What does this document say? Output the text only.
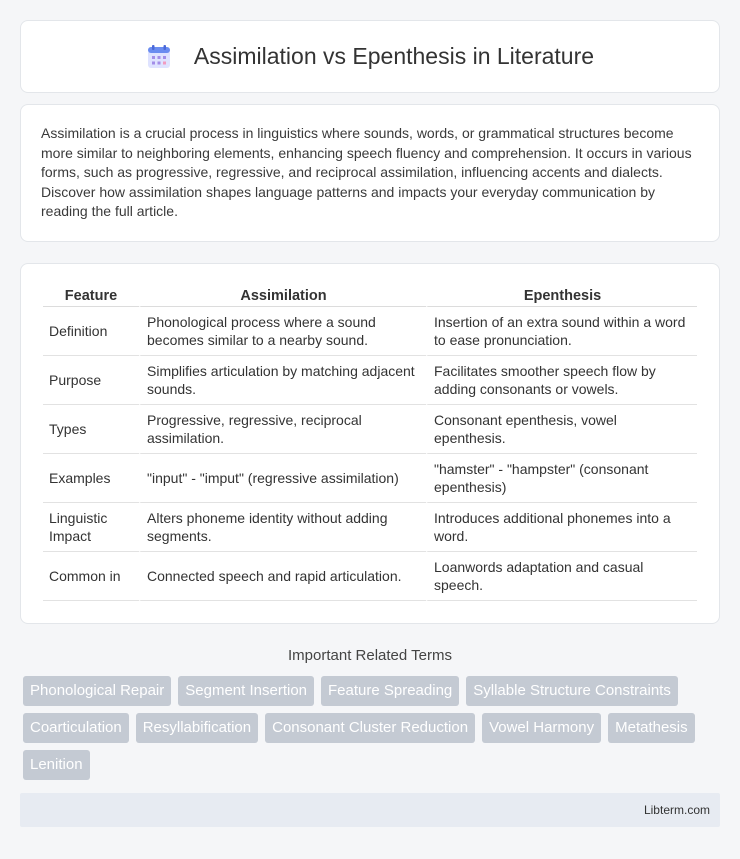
Assimilation vs Epenthesis in Literature
Assimilation is a crucial process in linguistics where sounds, words, or grammatical structures become more similar to neighboring elements, enhancing speech fluency and comprehension. It occurs in various forms, such as progressive, regressive, and reciprocal assimilation, influencing accents and dialects. Discover how assimilation shapes language patterns and impacts your everyday communication by reading the full article.
Feature	Assimilation	Epenthesis
Definition	Phonological process where a sound becomes similar to a nearby sound.	Insertion of an extra sound within a word to ease pronunciation.
Purpose	Simplifies articulation by matching adjacent sounds.	Facilitates smoother speech flow by adding consonants or vowels.
Types	Progressive, regressive, reciprocal assimilation.	Consonant epenthesis, vowel epenthesis.
Examples	"input" - "imput" (regressive assimilation)	"hamster" - "hampster" (consonant epenthesis)
Linguistic Impact	Alters phoneme identity without adding segments.	Introduces additional phonemes into a word.
Common in	Connected speech and rapid articulation.	Loanwords adaptation and casual speech.
Important Related Terms
Phonological Repair	Segment Insertion	Feature Spreading	Syllable Structure Constraints
Coarticulation	Resyllabification	Consonant Cluster Reduction	Vowel Harmony	Metathesis
Lenition
Libterm.com
